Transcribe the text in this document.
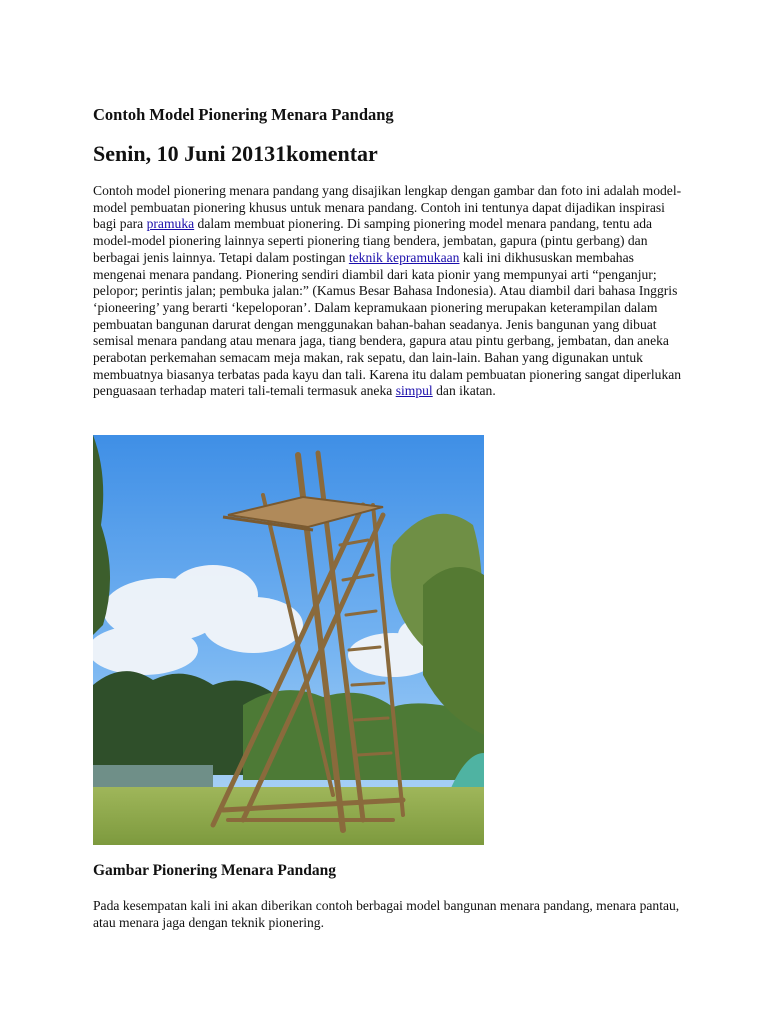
Contoh Model Pionering Menara Pandang
Senin, 10 Juni 20131komentar

Contoh model pionering menara pandang yang disajikan lengkap dengan gambar dan foto ini adalah model-model pembuatan pionering khusus untuk menara pandang. Contoh ini tentunya dapat dijadikan inspirasi bagi para pramuka dalam membuat pionering. Di samping pionering model menara pandang, tentu ada model-model pionering lainnya seperti pionering tiang bendera, jembatan, gapura (pintu gerbang) dan berbagai jenis lainnya. Tetapi dalam postingan teknik kepramukaan kali ini dikhususkan membahas mengenai menara pandang. Pionering sendiri diambil dari kata pionir yang mempunyai arti “penganjur; pelopor; perintis jalan; pembuka jalan:” (Kamus Besar Bahasa Indonesia). Atau diambil dari bahasa Inggris ‘pioneering’ yang berarti ‘kepeloporan’. Dalam kepramukaan pionering merupakan keterampilan dalam pembuatan bangunan darurat dengan menggunakan bahan-bahan seadanya. Jenis bangunan yang dibuat semisal menara pandang atau menara jaga, tiang bendera, gapura atau pintu gerbang, jembatan, dan aneka perabotan perkemahan semacam meja makan, rak sepatu, dan lain-lain. Bahan yang digunakan untuk membuatnya biasanya terbatas pada kayu dan tali. Karena itu dalam pembuatan pionering sangat diperlukan penguasaan terhadap materi tali-temali termasuk aneka simpul dan ikatan.

Gambar Pionering Menara Pandang

Pada kesempatan kali ini akan diberikan contoh berbagai model bangunan menara pandang, menara pantau, atau menara jaga dengan teknik pionering.
